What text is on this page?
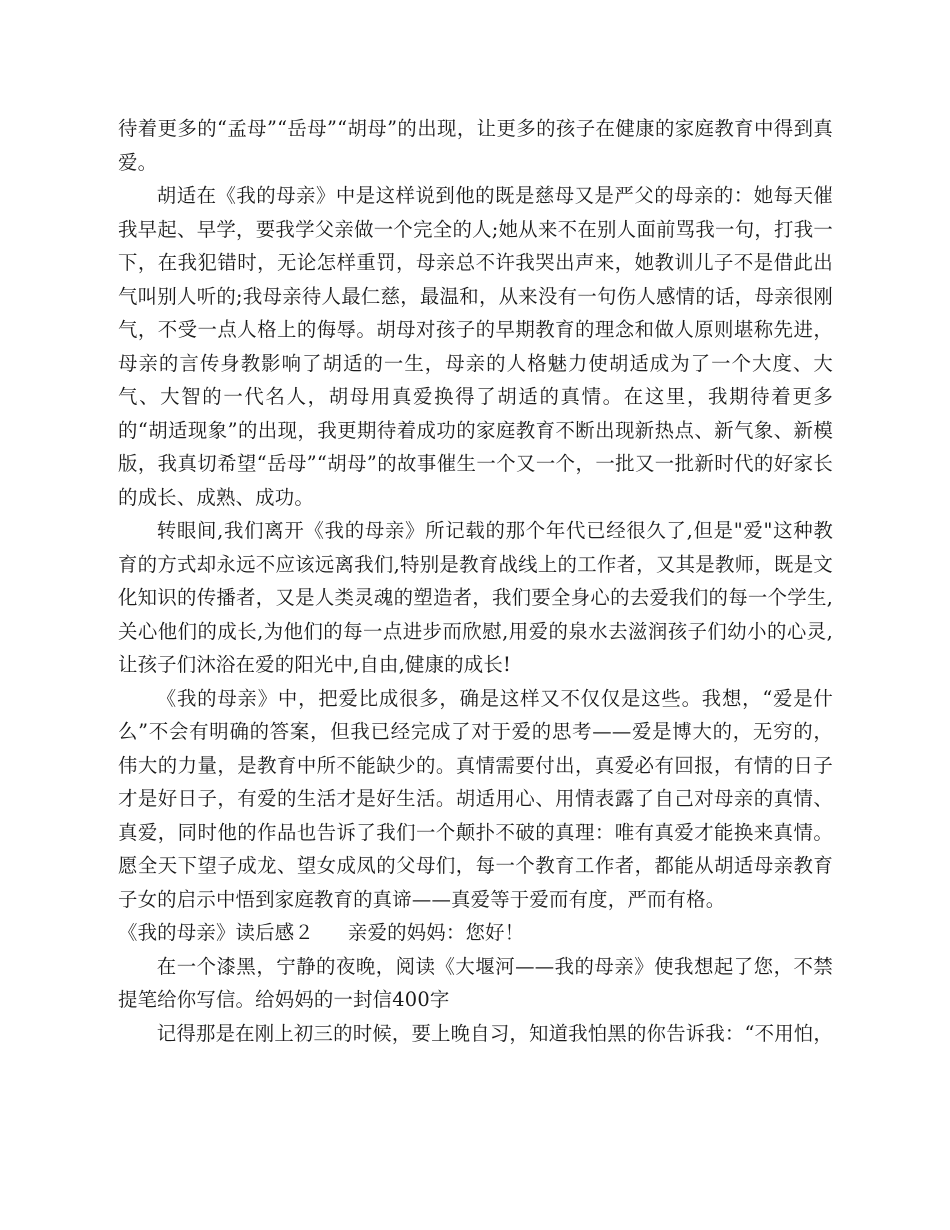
待着更多的“孟母”“岳母”“胡母”的出现，让更多的孩子在健康的家庭教育中得到真爱。

胡适在《我的母亲》中是这样说到他的既是慈母又是严父的母亲的：她每天催我早起、早学，要我学父亲做一个完全的人;她从来不在别人面前骂我一句，打我一下，在我犯错时，无论怎样重罚，母亲总不许我哭出声来，她教训儿子不是借此出气叫别人听的;我母亲待人最仁慈，最温和，从来没有一句伤人感情的话，母亲很刚气，不受一点人格上的侮辱。胡母对孩子的早期教育的理念和做人原则堪称先进，母亲的言传身教影响了胡适的一生，母亲的人格魅力使胡适成为了一个大度、大气、大智的一代名人，胡母用真爱换得了胡适的真情。在这里，我期待着更多的“胡适现象”的出现，我更期待着成功的家庭教育不断出现新热点、新气象、新模版，我真切希望“岳母”“胡母”的故事催生一个又一个，一批又一批新时代的好家长的成长、成熟、成功。

转眼间,我们离开《我的母亲》所记载的那个年代已经很久了,但是"爱"这种教育的方式却永远不应该远离我们,特别是教育战线上的工作者，又其是教师，既是文化知识的传播者，又是人类灵魂的塑造者，我们要全身心的去爱我们的每一个学生,关心他们的成长,为他们的每一点进步而欣慰,用爱的泉水去滋润孩子们幼小的心灵,让孩子们沐浴在爱的阳光中,自由,健康的成长!

《我的母亲》中，把爱比成很多，确是这样又不仅仅是这些。我想，“爱是什么”不会有明确的答案，但我已经完成了对于爱的思考——爱是博大的，无穷的，伟大的力量，是教育中所不能缺少的。真情需要付出，真爱必有回报，有情的日子才是好日子，有爱的生活才是好生活。胡适用心、用情表露了自己对母亲的真情、真爱，同时他的作品也告诉了我们一个颠扑不破的真理：唯有真爱才能换来真情。愿全天下望子成龙、望女成凤的父母们，每一个教育工作者，都能从胡适母亲教育子女的启示中悟到家庭教育的真谛——真爱等于爱而有度，严而有格。

《我的母亲》读后感２ 亲爱的妈妈：您好！

在一个漆黑，宁静的夜晚，阅读《大堰河——我的母亲》使我想起了您，不禁提笔给你写信。给妈妈的一封信400字

记得那是在刚上初三的时候，要上晚自习，知道我怕黑的你告诉我：“不用怕，
